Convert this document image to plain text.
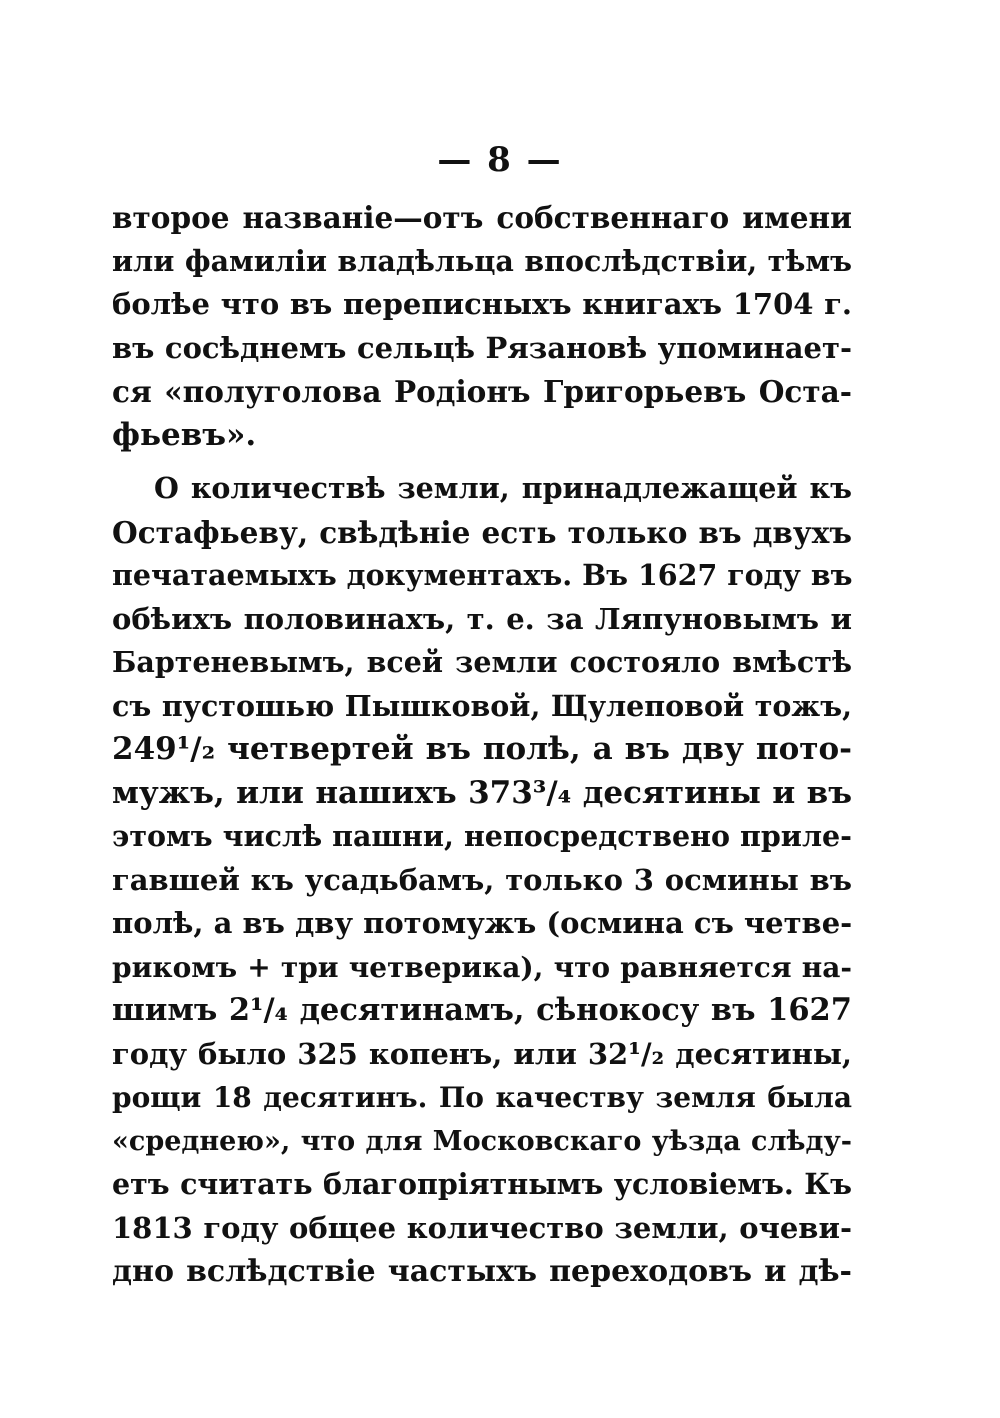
— 8 —
второе названіе—отъ собственнаго имени
или фамиліи владѣльца впослѣдствіи, тѣмъ
болѣе что въ переписныхъ книгахъ 1704 г.
въ сосѣднемъ сельцѣ Рязановѣ упоминает-
ся «полуголова Родіонъ Григорьевъ Оста-
фьевъ».
О количествѣ земли, принадлежащей къ
Остафьеву, свѣдѣніе есть только въ двухъ
печатаемыхъ документахъ. Въ 1627 году въ
обѣихъ половинахъ, т. е. за Ляпуновымъ и
Бартеневымъ, всей земли состояло вмѣстѣ
съ пустошью Пышковой, Щулеповой тожъ,
249¹/₂ четвертей въ полѣ, а въ дву пото-
мужъ, или нашихъ 373³/₄ десятины и въ
этомъ числѣ пашни, непосредствено приле-
гавшей къ усадьбамъ, только 3 осмины въ
полѣ, а въ дву потомужъ (осмина съ четве-
рикомъ + три четверика), что равняется на-
шимъ 2¹/₄ десятинамъ, сѣнокосу въ 1627
году было 325 копенъ, или 32¹/₂ десятины,
рощи 18 десятинъ. По качеству земля была
«среднею», что для Московскаго уѣзда слѣду-
етъ считать благопріятнымъ условіемъ. Къ
1813 году общее количество земли, очеви-
дно вслѣдствіе частыхъ переходовъ и дѣ-
